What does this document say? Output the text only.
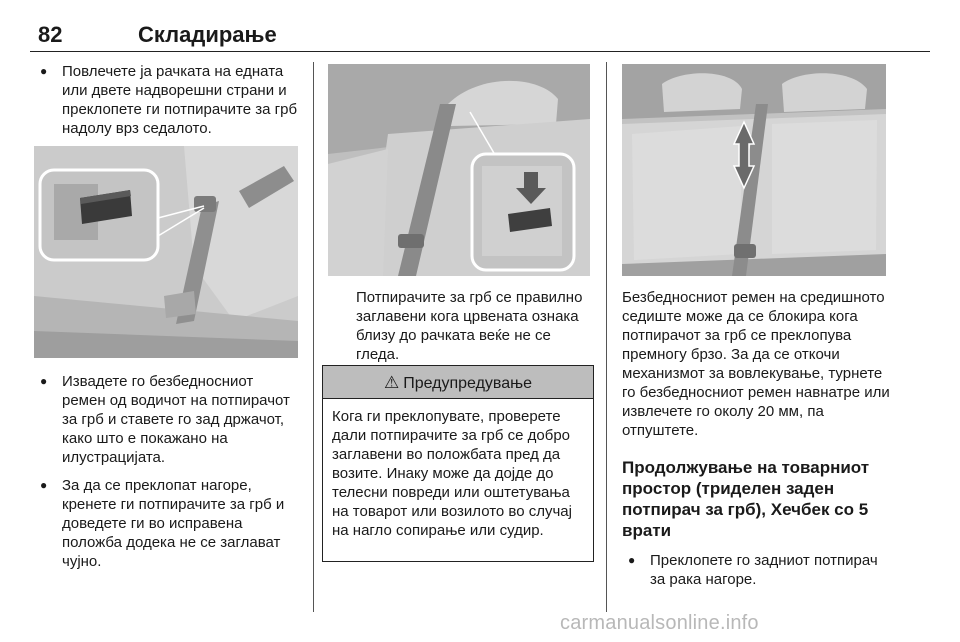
82	Складирање

● Повлечете ја рачката на едната или двете надворешни страни и преклопете ги потпирачите за грб надолу врз седалото.

● Извадете го безбедносниот ремен од водичот на потпирачот за грб и ставете го зад држачот, како што е покажано на илустрацијата.

● За да се преклопат нагоре, кренете ги потпирачите за грб и доведете ги во исправена положба додека не се заглават чујно.

Потпирачите за грб се правилно заглавени кога црвената ознака близу до рачката веќе не се гледа.

⚠ Предупредување

Кога ги преклопувате, проверете дали потпирачите за грб се добро заглавени во положбата пред да возите. Инаку може да дојде до телесни повреди или оштетувања на товарот или возилото во случај на нагло сопирање или судир.

Безбедносниот ремен на средишното седиште може да се блокира кога потпирачот за грб се преклопува премногу брзо. За да се откочи механизмот за вовлекување, турнете го безбедносниот ремен навнатре или извлечете го околу 20 мм, па отпуштете.

Продолжување на товарниот простор (триделен заден потпирач за грб), Хечбек со 5 врати

● Преклопете го задниот потпирач за рака нагоре.

carmanualsonline.info
